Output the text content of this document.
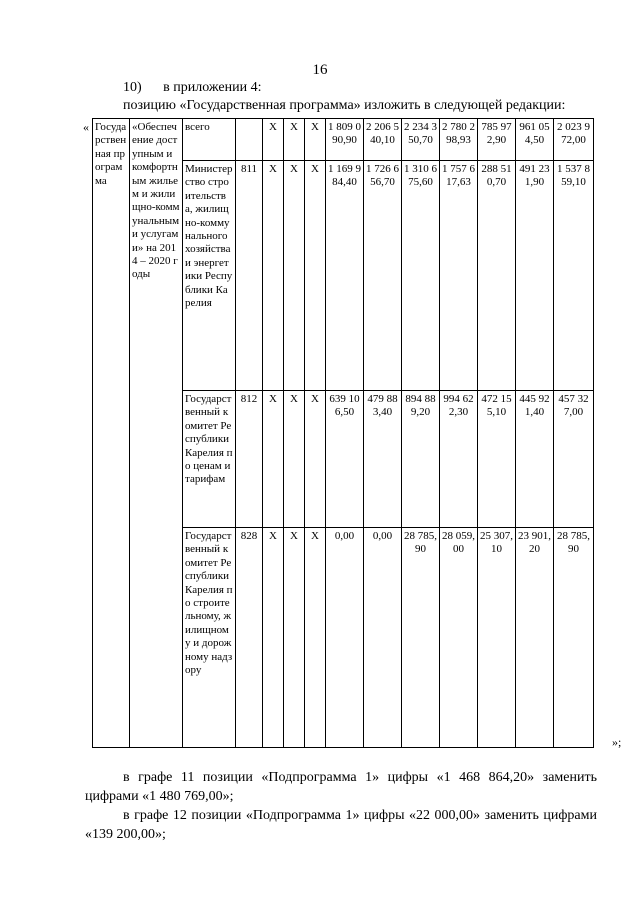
16
10) в приложении 4:
позицию «Государственная программа» изложить в следующей редакции:
« Государственная программа	«Обеспечение доступным и комфортным жильем и жилищно-коммунальными услугами» на 2014 – 2020 годы	всего		X	X	X	1 809 090,90	2 206 540,10	2 234 350,70	2 780 298,93	785 972,90	961 054,50	2 023 972,00
		Министерство строительства, жилищно-коммунального хозяйства и энергетики Республики Карелия	811	X	X	X	1 169 984,40	1 726 656,70	1 310 675,60	1 757 617,63	288 510,70	491 231,90	1 537 859,10
		Государственный комитет Республики Карелия по ценам и тарифам	812	X	X	X	639 106,50	479 883,40	894 889,20	994 622,30	472 155,10	445 921,40	457 327,00
		Государственный комитет Республики Карелия по строительному, жилищному и дорожному надзору	828	X	X	X	0,00	0,00	28 785,90	28 059,00	25 307,10	23 901,20	28 785,90
»;
в графе 11 позиции «Подпрограмма 1» цифры «1 468 864,20» заменить цифрами «1 480 769,00»;
в графе 12 позиции «Подпрограмма 1» цифры «22 000,00» заменить цифрами «139 200,00»;
